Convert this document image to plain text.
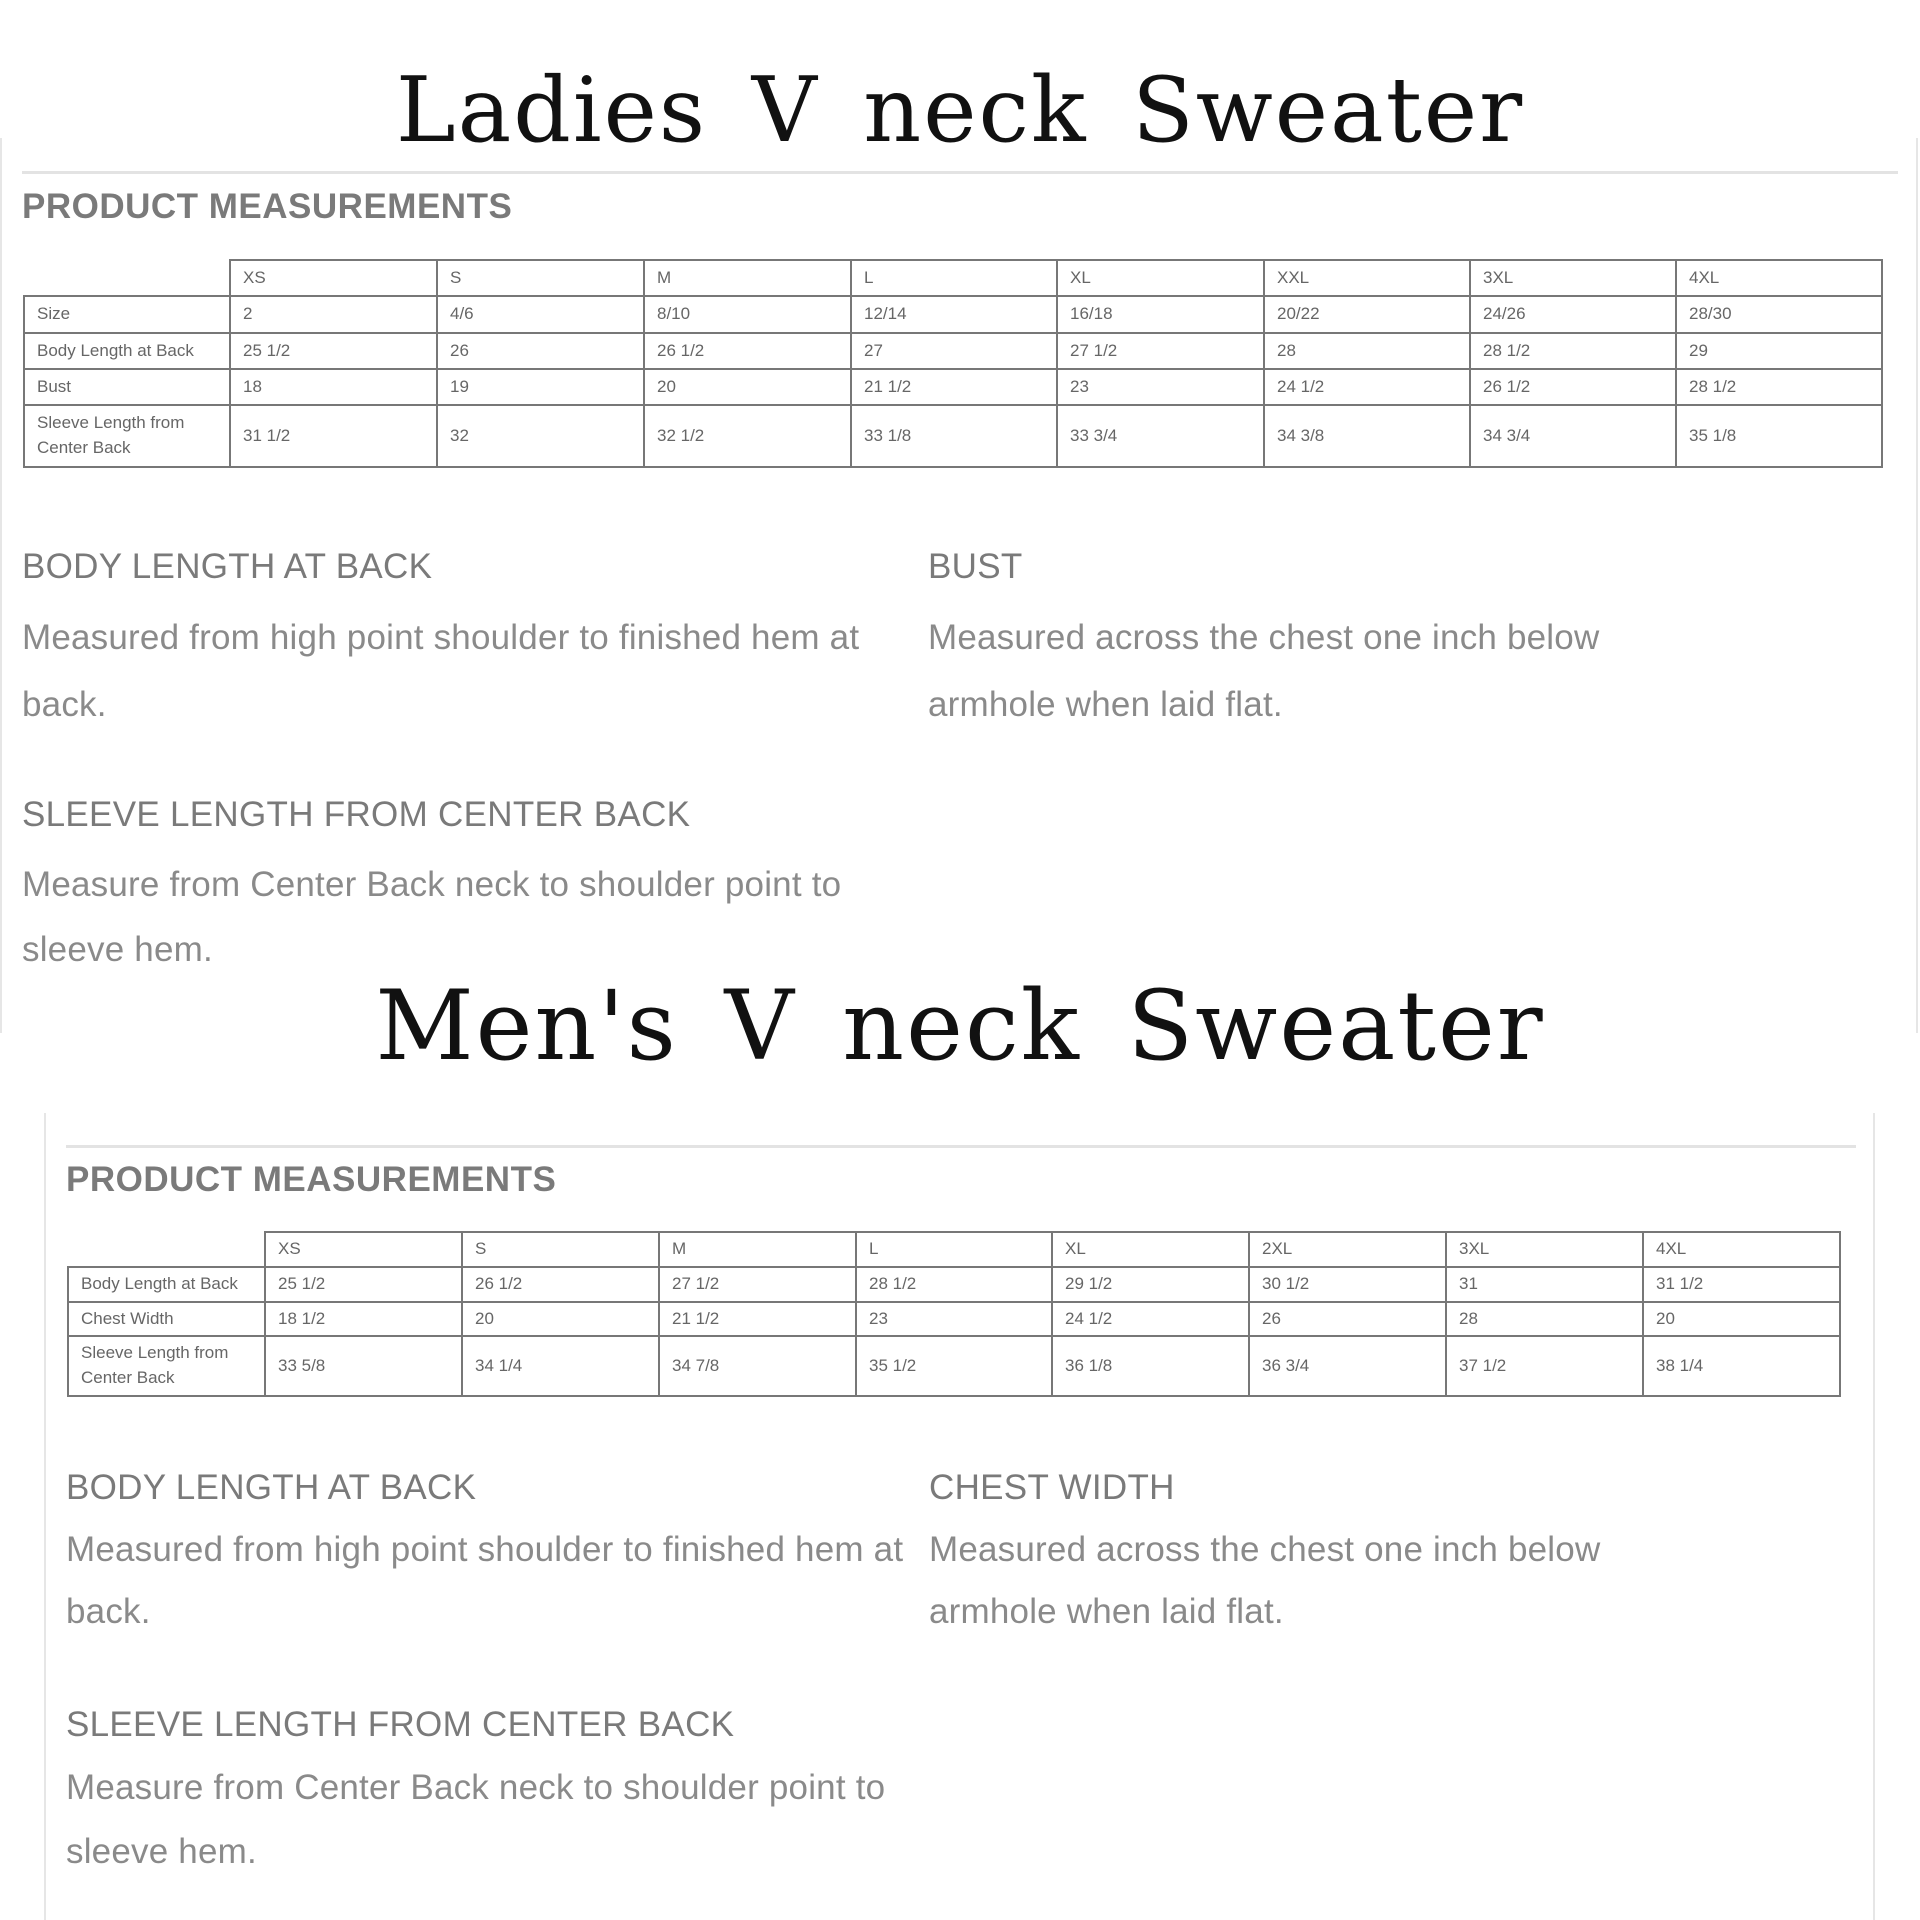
Ladies V neck Sweater
PRODUCT MEASUREMENTS
	XS	S	M	L	XL	XXL	3XL	4XL
Size	2	4/6	8/10	12/14	16/18	20/22	24/26	28/30
Body Length at Back	25 1/2	26	26 1/2	27	27 1/2	28	28 1/2	29
Bust	18	19	20	21 1/2	23	24 1/2	26 1/2	28 1/2
Sleeve Length from Center Back	31 1/2	32	32 1/2	33 1/8	33 3/4	34 3/8	34 3/4	35 1/8
BODY LENGTH AT BACK

Measured from high point shoulder to finished hem at back.

BUST

Measured across the chest one inch below armhole when laid flat.

SLEEVE LENGTH FROM CENTER BACK

Measure from Center Back neck to shoulder point to sleeve hem.

Men's V neck Sweater
PRODUCT MEASUREMENTS
	XS	S	M	L	XL	2XL	3XL	4XL
Body Length at Back	25 1/2	26 1/2	27 1/2	28 1/2	29 1/2	30 1/2	31	31 1/2
Chest Width	18 1/2	20	21 1/2	23	24 1/2	26	28	20
Sleeve Length from Center Back	33 5/8	34 1/4	34 7/8	35 1/2	36 1/8	36 3/4	37 1/2	38 1/4
BODY LENGTH AT BACK

Measured from high point shoulder to finished hem at back.

CHEST WIDTH

Measured across the chest one inch below armhole when laid flat.

SLEEVE LENGTH FROM CENTER BACK

Measure from Center Back neck to shoulder point to sleeve hem.
